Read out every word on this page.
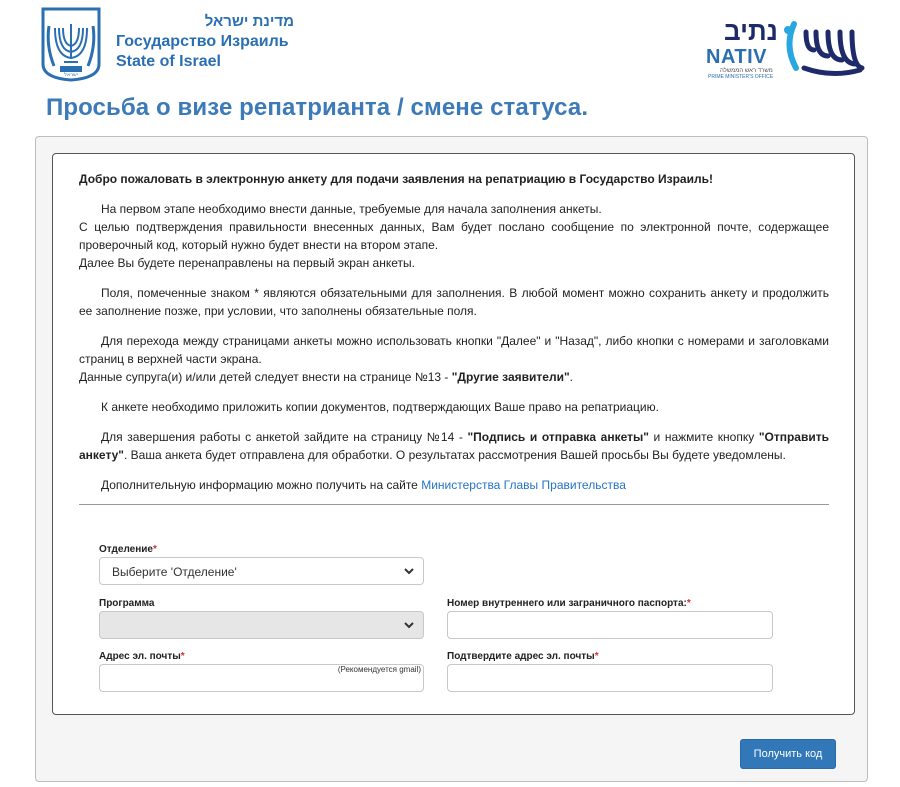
ישראל
מדינת ישראל
Государство Израиль
State of Israel
נתיב
NATIV
משרד ראש הממשלה
PRIME MINISTER'S OFFICE
Просьба о визе репатрианта / смене статуса.

Добро пожаловать в электронную анкету для подачи заявления на репатриацию в Государство Израиль!

На первом этапе необходимо внести данные, требуемые для начала заполнения анкеты.

С целью подтверждения правильности внесенных данных, Вам будет послано сообщение по электронной почте, содержащее проверочный код, который нужно будет внести на втором этапе.

Далее Вы будете перенаправлены на первый экран анкеты.

Поля, помеченные знаком * являются обязательными для заполнения. В любой момент можно сохранить анкету и продолжить ее заполнение позже, при условии, что заполнены обязательные поля.

Для перехода между страницами анкеты можно использовать кнопки "Далее" и "Назад", либо кнопки с номерами и заголовками страниц в верхней части экрана.

Данные супруга(и) и/или детей следует внести на странице №13 - "Другие заявители".

К анкете необходимо приложить копии документов, подтверждающих Ваше право на репатриацию.

Для завершения работы с анкетой зайдите на страницу №14 - "Подпись и отправка анкеты" и нажмите кнопку "Отправить анкету". Ваша анкета будет отправлена для обработки. О результатах рассмотрения Вашей просьбы Вы будете уведомлены.

Дополнительную информацию можно получить на сайте Министерства Главы Правительства

Отделение*
Выберите 'Отделение'
Программа	Номер внутреннего или заграничного паспорта:*
Адрес эл. почты*
(Рекомендуется gmail)
Подтвердите адрес эл. почты*
Получить код
